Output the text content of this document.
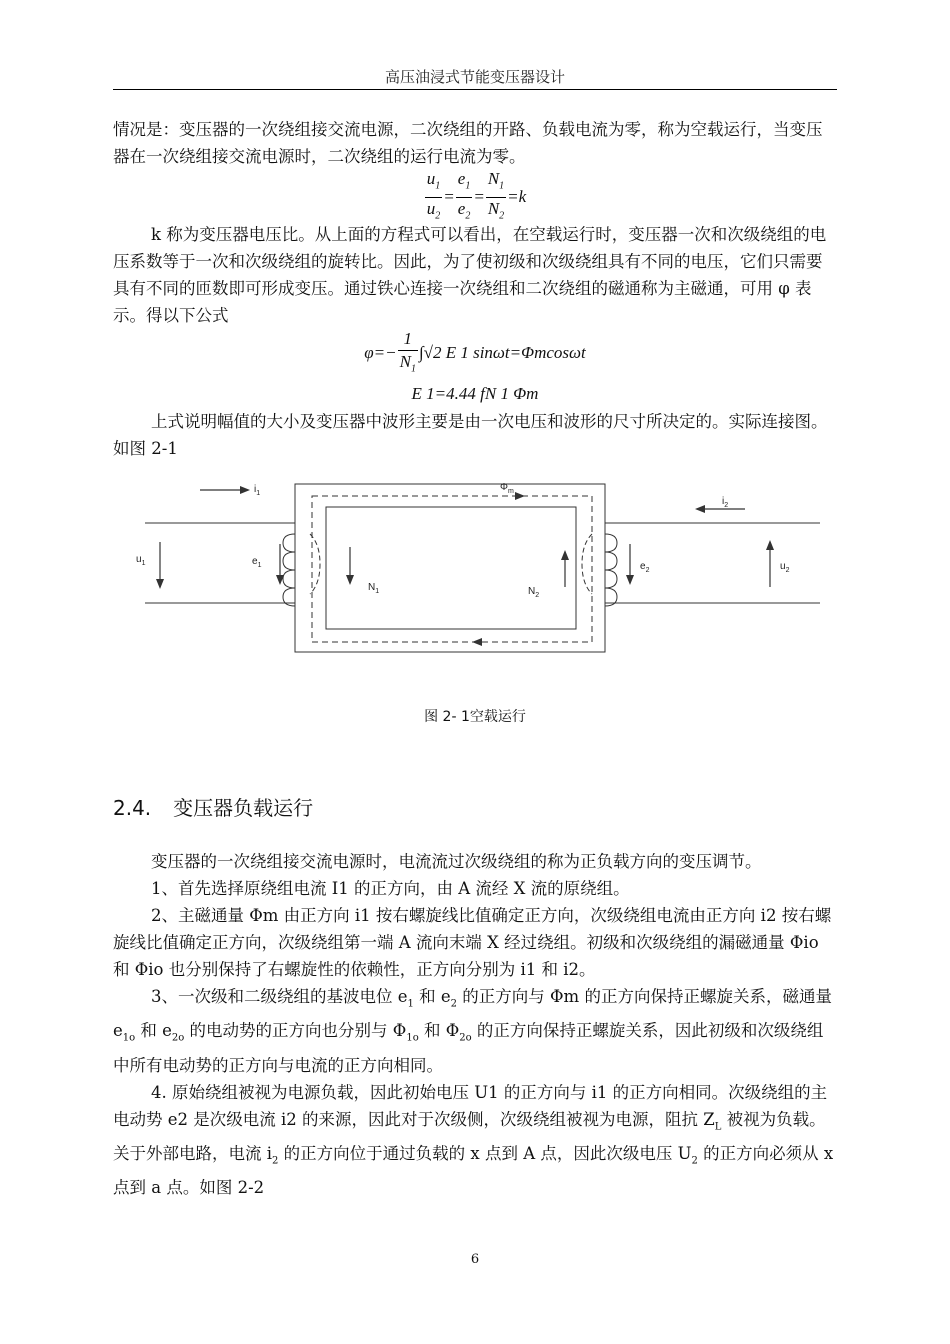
高压油浸式节能变压器设计

情况是：变压器的一次绕组接交流电源，二次绕组的开路、负载电流为零，称为空载运行，当变压器在一次绕组接交流电源时，二次绕组的运行电流为零。

$\frac{u_1}{u_2} = \frac{e_1}{e_2} = \frac{N_1}{N_2} =k$

k 称为变压器电压比。从上面的方程式可以看出，在空载运行时，变压器一次和次级绕组的电压系数等于一次和次级绕组的旋转比。因此，为了使初级和次级绕组具有不同的电压，它们只需要具有不同的匝数即可形成变压。通过铁心连接一次绕组和二次绕组的磁通称为主磁通，可用 φ 表示。得以下公式

$\varphi=- \frac{1}{N_1} \int√2$ E 1 sinωt=Φmcosωt
E 1=4.44 fN 1 Φm

上式说明幅值的大小及变压器中波形主要是由一次电压和波形的尺寸所决定的。实际连接图。如图 2-1

$i_1$
$i_2$
$\Phi_m$
$u_1$	$e_1$
$N_1$	$N_2$
$e_2$	$u_2$
图 2- 1空载运行
2.4. 变压器负载运行

变压器的一次绕组接交流电源时，电流流过次级绕组的称为正负载方向的变压调节。

1、首先选择原绕组电流 I1 的正方向，由 A 流经 X 流的原绕组。

2、主磁通量 Φm 由正方向 i1 按右螺旋线比值确定正方向，次级绕组电流由正方向 i2 按右螺旋线比值确定正方向，次级绕组第一端 A 流向末端 X 经过绕组。初级和次级绕组的漏磁通量 Φio 和 Φio 也分别保持了右螺旋性的依赖性，正方向分别为 i1 和 i2。

3、一次级和二级绕组的基波电位 $e_1$ 和 $e_2$ 的正方向与 Φm 的正方向保持正螺旋关系，磁通量 $e_{1o}$ 和 $e_{2o}$ 的电动势的正方向也分别与 $\Phi_{1o}$ 和 $\Phi_{2o}$ 的正方向保持正螺旋关系，因此初级和次级绕组中所有电动势的正方向与电流的正方向相同。

4. 原始绕组被视为电源负载，因此初始电压 U1 的正方向与 i1 的正方向相同。次级绕组的主电动势 e2 是次级电流 i2 的来源，因此对于次级侧，次级绕组被视为电源，阻抗 $Z_L$ 被视为负载。关于外部电路，电流 $i_2$ 的正方向位于通过负载的 x 点到 A 点，因此次级电压 $U_2$ 的正方向必须从 x 点到 a 点。如图 2-2

6
